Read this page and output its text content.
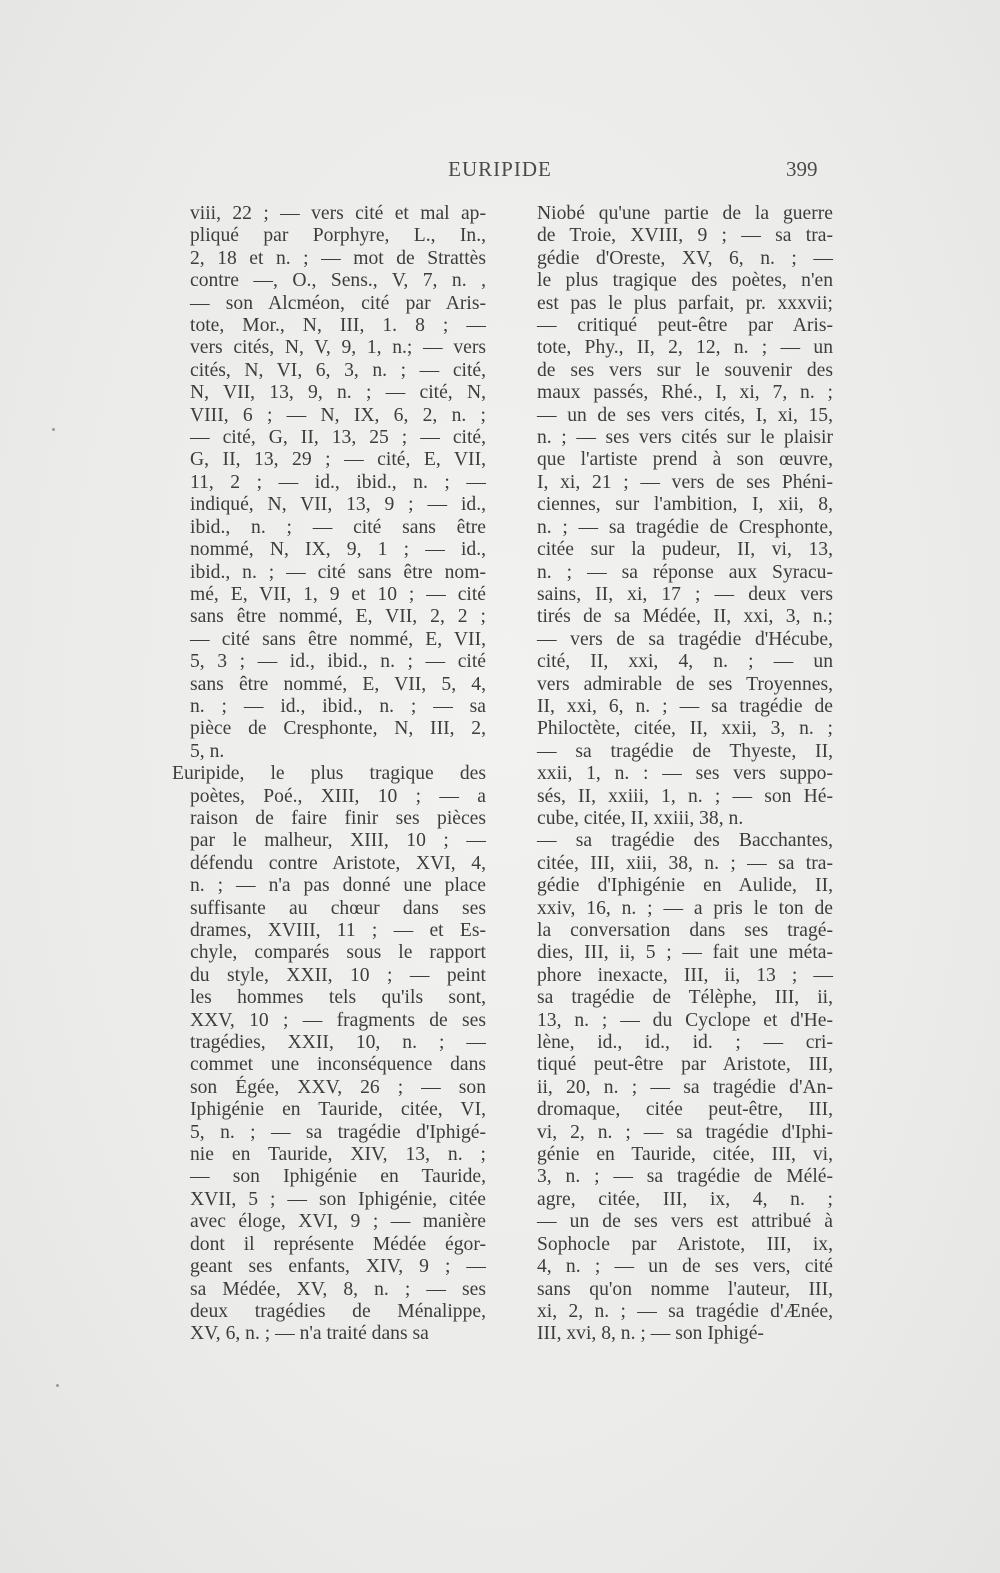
EURIPIDE	399
viii, 22 ; — vers cité et mal ap-
pliqué par Porphyre, L., In.,
2, 18 et n. ; — mot de Strattès
contre —, O., Sens., V, 7, n. ,
— son Alcméon, cité par Aris-
tote, Mor., N, III, 1. 8 ; —
vers cités, N, V, 9, 1, n.; — vers
cités, N, VI, 6, 3, n. ; — cité,
N, VII, 13, 9, n. ; — cité, N,
VIII, 6 ; — N, IX, 6, 2, n. ;
— cité, G, II, 13, 25 ; — cité,
G, II, 13, 29 ; — cité, E, VII,
11, 2 ; — id., ibid., n. ; —
indiqué, N, VII, 13, 9 ; — id.,
ibid., n. ; — cité sans être
nommé, N, IX, 9, 1 ; — id.,
ibid., n. ; — cité sans être nom-
mé, E, VII, 1, 9 et 10 ; — cité
sans être nommé, E, VII, 2, 2 ;
— cité sans être nommé, E, VII,
5, 3 ; — id., ibid., n. ; — cité
sans être nommé, E, VII, 5, 4,
n. ; — id., ibid., n. ; — sa
pièce de Cresphonte, N, III, 2,
5, n.
Euripide, le plus tragique des
poètes, Poé., XIII, 10 ; — a
raison de faire finir ses pièces
par le malheur, XIII, 10 ; —
défendu contre Aristote, XVI, 4,
n. ; — n'a pas donné une place
suffisante au chœur dans ses
drames, XVIII, 11 ; — et Es-
chyle, comparés sous le rapport
du style, XXII, 10 ; — peint
les hommes tels qu'ils sont,
XXV, 10 ; — fragments de ses
tragédies, XXII, 10, n. ; —
commet une inconséquence dans
son Égée, XXV, 26 ; — son
Iphigénie en Tauride, citée, VI,
5, n. ; — sa tragédie d'Iphigé-
nie en Tauride, XIV, 13, n. ;
— son Iphigénie en Tauride,
XVII, 5 ; — son Iphigénie, citée
avec éloge, XVI, 9 ; — manière
dont il représente Médée égor-
geant ses enfants, XIV, 9 ; —
sa Médée, XV, 8, n. ; — ses
deux tragédies de Ménalippe,
XV, 6, n. ; — n'a traité dans sa
Niobé qu'une partie de la guerre
de Troie, XVIII, 9 ; — sa tra-
gédie d'Oreste, XV, 6, n. ; —
le plus tragique des poètes, n'en
est pas le plus parfait, pr. xxxvii;
— critiqué peut-être par Aris-
tote, Phy., II, 2, 12, n. ; — un
de ses vers sur le souvenir des
maux passés, Rhé., I, xi, 7, n. ;
— un de ses vers cités, I, xi, 15,
n. ; — ses vers cités sur le plaisir
que l'artiste prend à son œuvre,
I, xi, 21 ; — vers de ses Phéni-
ciennes, sur l'ambition, I, xii, 8,
n. ; — sa tragédie de Cresphonte,
citée sur la pudeur, II, vi, 13,
n. ; — sa réponse aux Syracu-
sains, II, xi, 17 ; — deux vers
tirés de sa Médée, II, xxi, 3, n.;
— vers de sa tragédie d'Hécube,
cité, II, xxi, 4, n. ; — un
vers admirable de ses Troyennes,
II, xxi, 6, n. ; — sa tragédie de
Philoctète, citée, II, xxii, 3, n. ;
— sa tragédie de Thyeste, II,
xxii, 1, n. : — ses vers suppo-
sés, II, xxiii, 1, n. ; — son Hé-
cube, citée, II, xxiii, 38, n.
— sa tragédie des Bacchantes,
citée, III, xiii, 38, n. ; — sa tra-
gédie d'Iphigénie en Aulide, II,
xxiv, 16, n. ; — a pris le ton de
la conversation dans ses tragé-
dies, III, ii, 5 ; — fait une méta-
phore inexacte, III, ii, 13 ; —
sa tragédie de Télèphe, III, ii,
13, n. ; — du Cyclope et d'He-
lène, id., id., id. ; — cri-
tiqué peut-être par Aristote, III,
ii, 20, n. ; — sa tragédie d'An-
dromaque, citée peut-être, III,
vi, 2, n. ; — sa tragédie d'Iphi-
génie en Tauride, citée, III, vi,
3, n. ; — sa tragédie de Mélé-
agre, citée, III, ix, 4, n. ;
— un de ses vers est attribué à
Sophocle par Aristote, III, ix,
4, n. ; — un de ses vers, cité
sans qu'on nomme l'auteur, III,
xi, 2, n. ; — sa tragédie d'Ænée,
III, xvi, 8, n. ; — son Iphigé-
